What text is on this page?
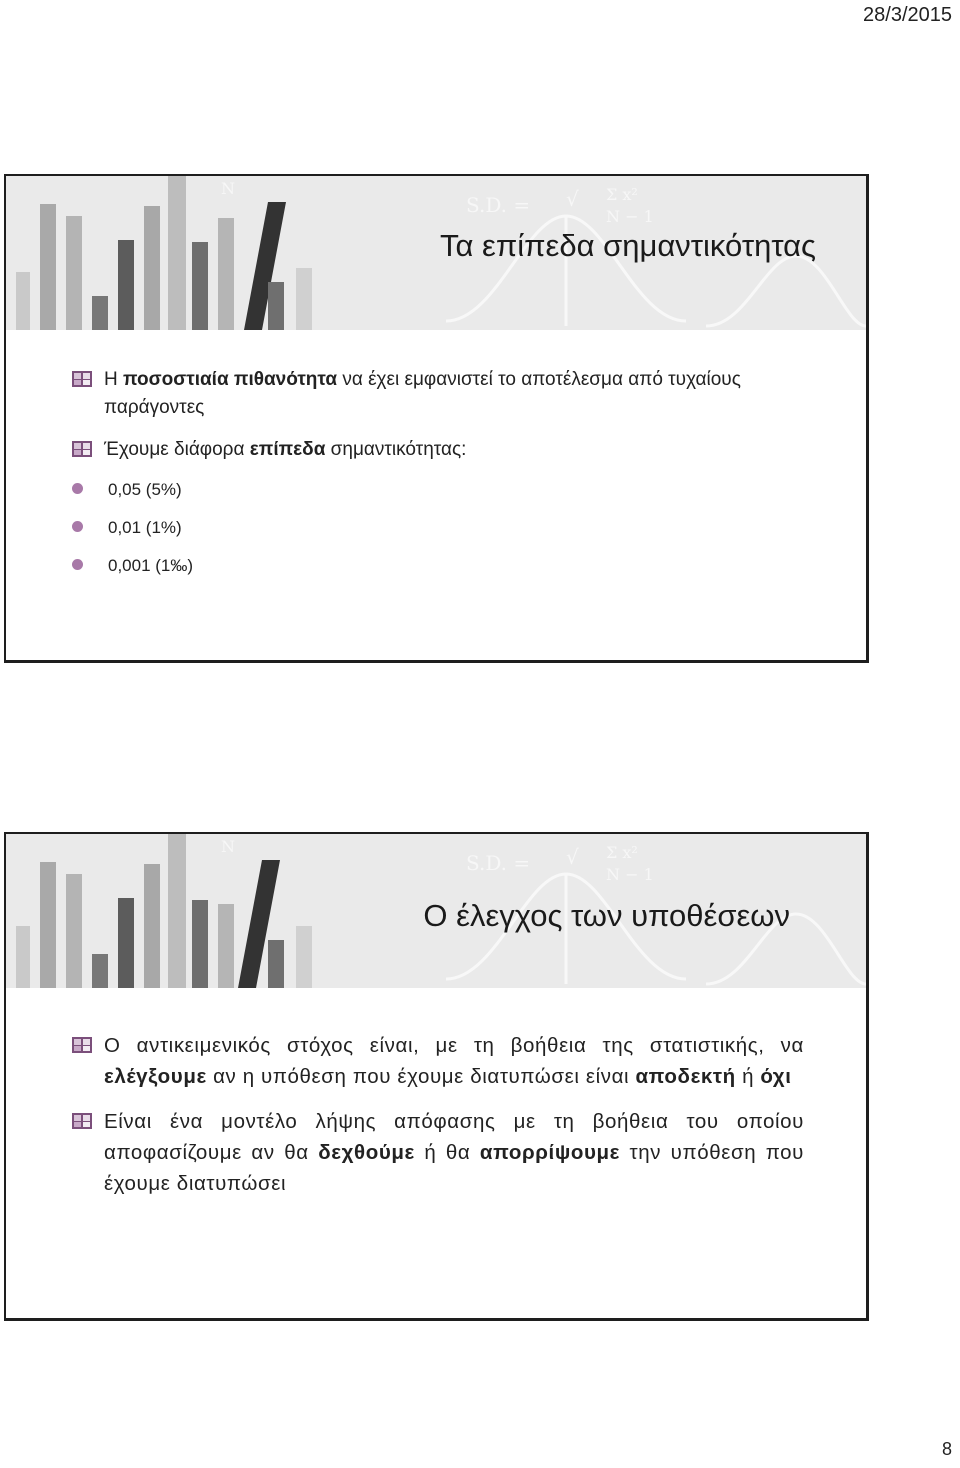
28/3/2015
S.D. = √ Σ x²
N − 1
N
Τα επίπεδα σημαντικότητας
Η ποσοστιαία πιθανότητα να έχει εμφανιστεί το αποτέλεσμα από τυχαίους παράγοντες
Έχουμε διάφορα επίπεδα σημαντικότητας:
0,05 (5%)
0,01 (1%)
0,001 (1‰)
S.D. = √ Σ x²
N − 1
N
Ο έλεγχος των υποθέσεων
Ο αντικειμενικός στόχος είναι, με τη βοήθεια της στατιστικής, να ελέγξουμε αν η υπόθεση που έχουμε διατυπώσει είναι αποδεκτή ή όχι
Είναι ένα μοντέλο λήψης απόφασης με τη βοήθεια του οποίου αποφασίζουμε αν θα δεχθούμε ή θα απορρίψουμε την υπόθεση που έχουμε διατυπώσει
8
